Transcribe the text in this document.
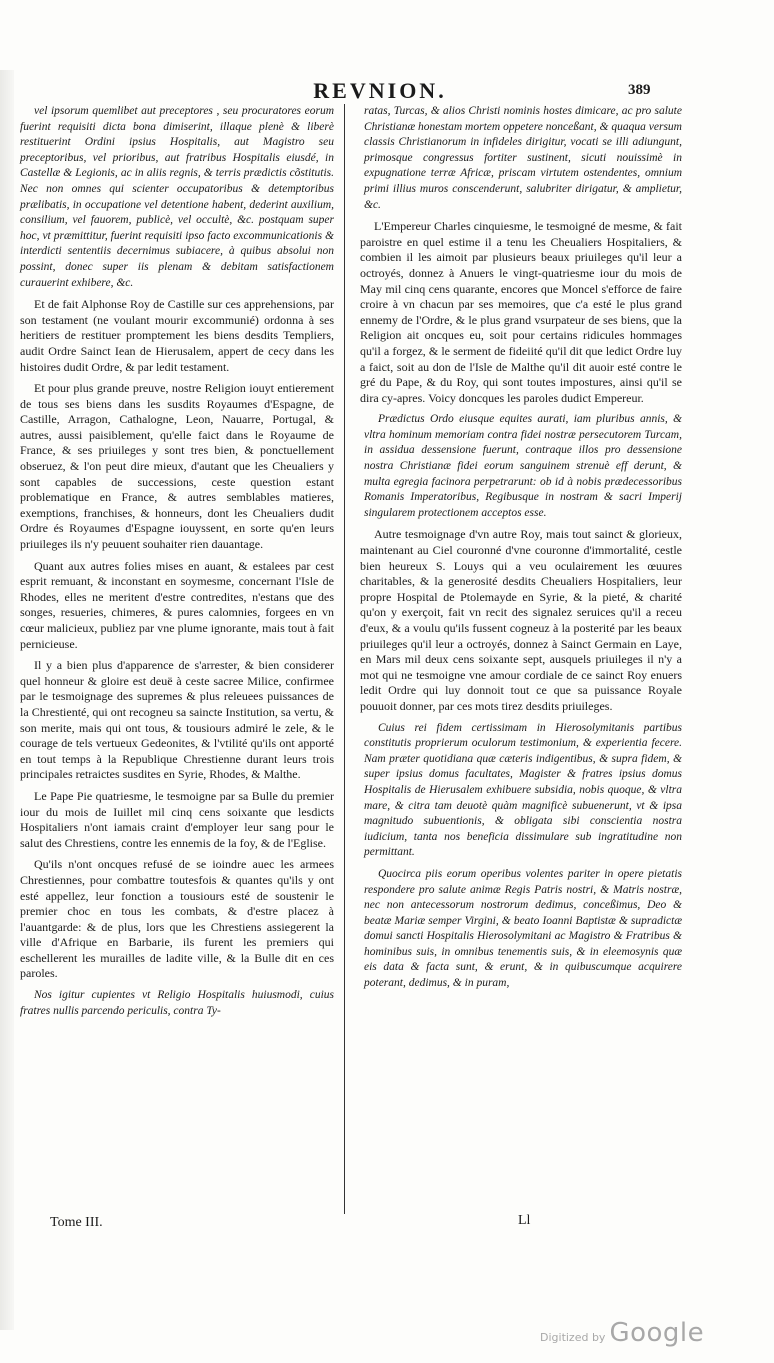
REVNION.	389

vel ipsorum quemlibet aut preceptores , seu procuratores eorum fuerint requisiti dicta bona dimiserint, illaque plenè & liberè restituerint Ordini ipsius Hospitalis, aut Magistro seu preceptoribus, vel prioribus, aut fratribus Hospitalis eiusdé, in Castellæ & Legionis, ac in aliis regnis, & terris prædictis cõstitutis. Nec non omnes qui scienter occupatoribus & detemptoribus prælibatis, in occupatione vel detentione habent, dederint auxilium, consilium, vel fauorem, publicè, vel occultè, &c. postquam super hoc, vt præmittitur, fuerint requisiti ipso facto excommunicationis & interdicti sententiis decernimus subiacere, à quibus absolui non possint, donec super iis plenam & debitam satisfactionem curauerint exhibere, &c.

Et de fait Alphonse Roy de Castille sur ces apprehensions, par son testament (ne voulant mourir excommunié) ordonna à ses heritiers de restituer promptement les biens desdits Templiers, audit Ordre Sainct Iean de Hierusalem, appert de cecy dans les histoires dudit Ordre, & par ledit testament.

Et pour plus grande preuve, nostre Religion iouyt entierement de tous ses biens dans les susdits Royaumes d'Espagne, de Castille, Arragon, Cathalogne, Leon, Nauarre, Portugal, & autres, aussi paisiblement, qu'elle faict dans le Royaume de France, & ses priuileges y sont tres bien, & ponctuellement obseruez, & l'on peut dire mieux, d'autant que les Cheualiers y sont capables de successions, ceste question estant problematique en France, & autres semblables matieres, exemptions, franchises, & honneurs, dont les Cheualiers dudit Ordre és Royaumes d'Espagne iouyssent, en sorte qu'en leurs priuileges ils n'y peuuent souhaiter rien dauantage.

Quant aux autres folies mises en auant, & estalees par cest esprit remuant, & inconstant en soymesme, concernant l'Isle de Rhodes, elles ne meritent d'estre contredites, n'estans que des songes, resueries, chimeres, & pures calomnies, forgees en vn cœur malicieux, publiez par vne plume ignorante, mais tout à fait pernicieuse.

Il y a bien plus d'apparence de s'arrester, & bien considerer quel honneur & gloire est deuë à ceste sacree Milice, confirmee par le tesmoignage des supremes & plus releuees puissances de la Chrestienté, qui ont recogneu sa saincte Institution, sa vertu, & son merite, mais qui ont tous, & tousiours admiré le zele, & le courage de tels vertueux Gedeonites, & l'vtilité qu'ils ont apporté en tout temps à la Republique Chrestienne durant leurs trois principales retraictes susdites en Syrie, Rhodes, & Malthe.

Le Pape Pie quatriesme, le tesmoigne par sa Bulle du premier iour du mois de Iuillet mil cinq cens soixante que lesdicts Hospitaliers n'ont iamais craint d'employer leur sang pour le salut des Chrestiens, contre les ennemis de la foy, & de l'Eglise.

Qu'ils n'ont oncques refusé de se ioindre auec les armees Chrestiennes, pour combattre toutesfois & quantes qu'ils y ont esté appellez, leur fonction a tousiours esté de soustenir le premier choc en tous les combats, & d'estre placez à l'auantgarde: & de plus, lors que les Chrestiens assiegerent la ville d'Afrique en Barbarie, ils furent les premiers qui eschellerent les murailles de ladite ville, & la Bulle dit en ces paroles.

Nos igitur cupientes vt Religio Hospitalis huiusmodi, cuius fratres nullis parcendo periculis, contra Ty-

ratas, Turcas, & alios Christi nominis hostes dimicare, ac pro salute Christianæ honestam mortem oppetere nonceßant, & quaqua versum classis Christianorum in infideles dirigitur, vocati se illi adiungunt, primosque congressus fortiter sustinent, sicuti nouissimè in expugnatione terræ Africæ, priscam virtutem ostendentes, omnium primi illius muros conscenderunt, salubriter dirigatur, & amplietur, &c.

L'Empereur Charles cinquiesme, le tesmoigné de mesme, & fait paroistre en quel estime il a tenu les Cheualiers Hospitaliers, & combien il les aimoit par plusieurs beaux priuileges qu'il leur a octroyés, donnez à Anuers le vingt-quatriesme iour du mois de May mil cinq cens quarante, encores que Moncel s'efforce de faire croire à vn chacun par ses memoires, que c'a esté le plus grand ennemy de l'Ordre, & le plus grand vsurpateur de ses biens, que la Religion ait oncques eu, soit pour certains ridicules hommages qu'il a forgez, & le serment de fideiité qu'il dit que ledict Ordre luy a faict, soit au don de l'Isle de Malthe qu'il dit auoir esté contre le gré du Pape, & du Roy, qui sont toutes impostures, ainsi qu'il se dira cy-apres. Voicy doncques les paroles dudict Empereur.

Prædictus Ordo eiusque equites aurati, iam pluribus annis, & vltra hominum memoriam contra fidei nostræ persecutorem Turcam, in assidua dessensione fuerunt, contraque illos pro dessensione nostra Christianæ fidei eorum sanguinem strenuè eff derunt, & multa egregia facinora perpetrarunt: ob id à nobis prædecessoribus Romanis Imperatoribus, Regibusque in nostram & sacri Imperij singularem protectionem acceptos esse.

Autre tesmoignage d'vn autre Roy, mais tout sainct & glorieux, maintenant au Ciel couronné d'vne couronne d'immortalité, cestle bien heureux S. Louys qui a veu oculairement les œuures charitables, & la generosité desdits Cheualiers Hospitaliers, leur propre Hospital de Ptolemayde en Syrie, & la pieté, & charité qu'on y exerçoit, fait vn recit des signalez seruices qu'il a receu d'eux, & a voulu qu'ils fussent cogneuz à la posterité par les beaux priuileges qu'il leur a octroyés, donnez à Sainct Germain en Laye, en Mars mil deux cens soixante sept, ausquels priuileges il n'y a mot qui ne tesmoigne vne amour cordiale de ce sainct Roy enuers ledit Ordre qui luy donnoit tout ce que sa puissance Royale pouuoit donner, par ces mots tirez desdits priuileges.

Cuius rei fidem certissimam in Hierosolymitanis partibus constitutis proprierum oculorum testimonium, & experientia fecere. Nam præter quotidiana quæ cæteris indigentibus, & supra fidem, & super ipsius domus facultates, Magister & fratres ipsius domus Hospitalis de Hierusalem exhibuere subsidia, nobis quoque, & vltra mare, & citra tam deuotè quàm magnificè subuenerunt, vt & ipsa magnitudo subuentionis, & obligata sibi conscientia nostra iudicium, tanta nos beneficia dissimulare sub ingratitudine non permittant.

Quocirca piis eorum operibus volentes pariter in opere pietatis respondere pro salute animæ Regis Patris nostri, & Matris nostræ, nec non antecessorum nostrorum dedimus, conceßimus, Deo & beatæ Mariæ semper Virgini, & beato Ioanni Baptistæ & supradictæ domui sancti Hospitalis Hierosolymitani ac Magistro & Fratribus & hominibus suis, in omnibus tenementis suis, & in eleemosynis quæ eis data & facta sunt, & erunt, & in quibuscumque acquirere poterant, dedimus, & in puram,

Tome III.	Ll
Digitized by Google
